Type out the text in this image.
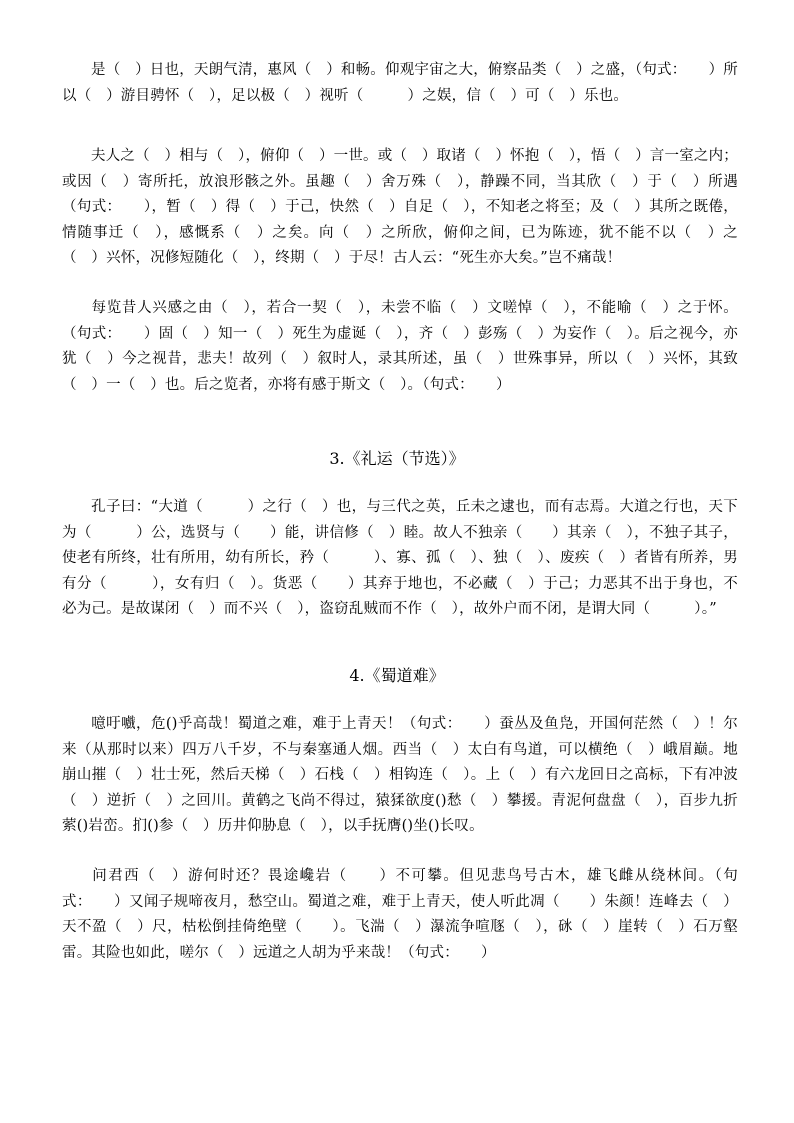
是（　）日也，天朗气清，惠风（　）和畅。仰观宇宙之大，俯察品类（　）之盛，（句式：　　）所以（　）游目骋怀（　），足以极（　）视听（　　　）之娱，信（　）可（　）乐也。

夫人之（　）相与（　），俯仰（　）一世。或（　）取诸（　）怀抱（　），悟（　）言一室之内；或因（　）寄所托，放浪形骸之外。虽趣（　）舍万殊（　），静躁不同，当其欣（　）于（　）所遇（句式：　　），暂（　）得（　）于己，快然（　）自足（　），不知老之将至；及（　）其所之既倦，情随事迁（　），感慨系（　）之矣。向（　）之所欣，俯仰之间，已为陈迹，犹不能不以（　）之（　）兴怀，况修短随化（　），终期（　）于尽！古人云：“死生亦大矣。”岂不痛哉！

每览昔人兴感之由（　），若合一契（　），未尝不临（　）文嗟悼（　），不能喻（　）之于怀。（句式：　　）固（　）知一（　）死生为虚诞（　），齐（　）彭殇（　）为妄作（　）。后之视今，亦犹（　）今之视昔，悲夫！故列（　）叙时人，录其所述，虽（　）世殊事异，所以（　）兴怀，其致（　）一（　）也。后之览者，亦将有感于斯文（　）。（句式：　　）

3.《礼运（节选）》

孔子曰：“大道（　　　）之行（　）也，与三代之英，丘未之逮也，而有志焉。大道之行也，天下为（　　　）公，选贤与（　　）能，讲信修（　）睦。故人不独亲（　　）其亲（　），不独子其子，使老有所终，壮有所用，幼有所长，矜（　　　）、寡、孤（　）、独（　）、废疾（　）者皆有所养，男有分（　　　），女有归（　）。货恶（　　）其弃于地也，不必藏（　）于己；力恶其不出于身也，不必为己。是故谋闭（　）而不兴（　），盗窃乱贼而不作（　），故外户而不闭，是谓大同（　　　）。”

4.《蜀道难》

噫吁嚱，危()乎高哉！蜀道之难，难于上青天！（句式：　　）蚕丛及鱼凫，开国何茫然（　）！尔来（从那时以来）四万八千岁，不与秦塞通人烟。西当（　）太白有鸟道，可以横绝（　）峨眉巅。地崩山摧（　）壮士死，然后天梯（　）石栈（　）相钩连（　）。上（　）有六龙回日之高标，下有冲波（　）逆折（　）之回川。黄鹤之飞尚不得过，猿猱欲度()愁（　）攀援。青泥何盘盘（　），百步九折萦()岩峦。扪()参（　）历井仰胁息（　），以手抚膺()坐()长叹。

问君西（　）游何时还？畏途巉岩（　　）不可攀。但见悲鸟号古木，雄飞雌从绕林间。（句式：　　）又闻子规啼夜月，愁空山。蜀道之难，难于上青天，使人听此凋（　　）朱颜！连峰去（　）天不盈（　）尺，枯松倒挂倚绝壁（　　）。飞湍（　）瀑流争喧豗（　），砯（　）崖转（　）石万壑雷。其险也如此，嗟尔（　）远道之人胡为乎来哉！（句式：　　）
